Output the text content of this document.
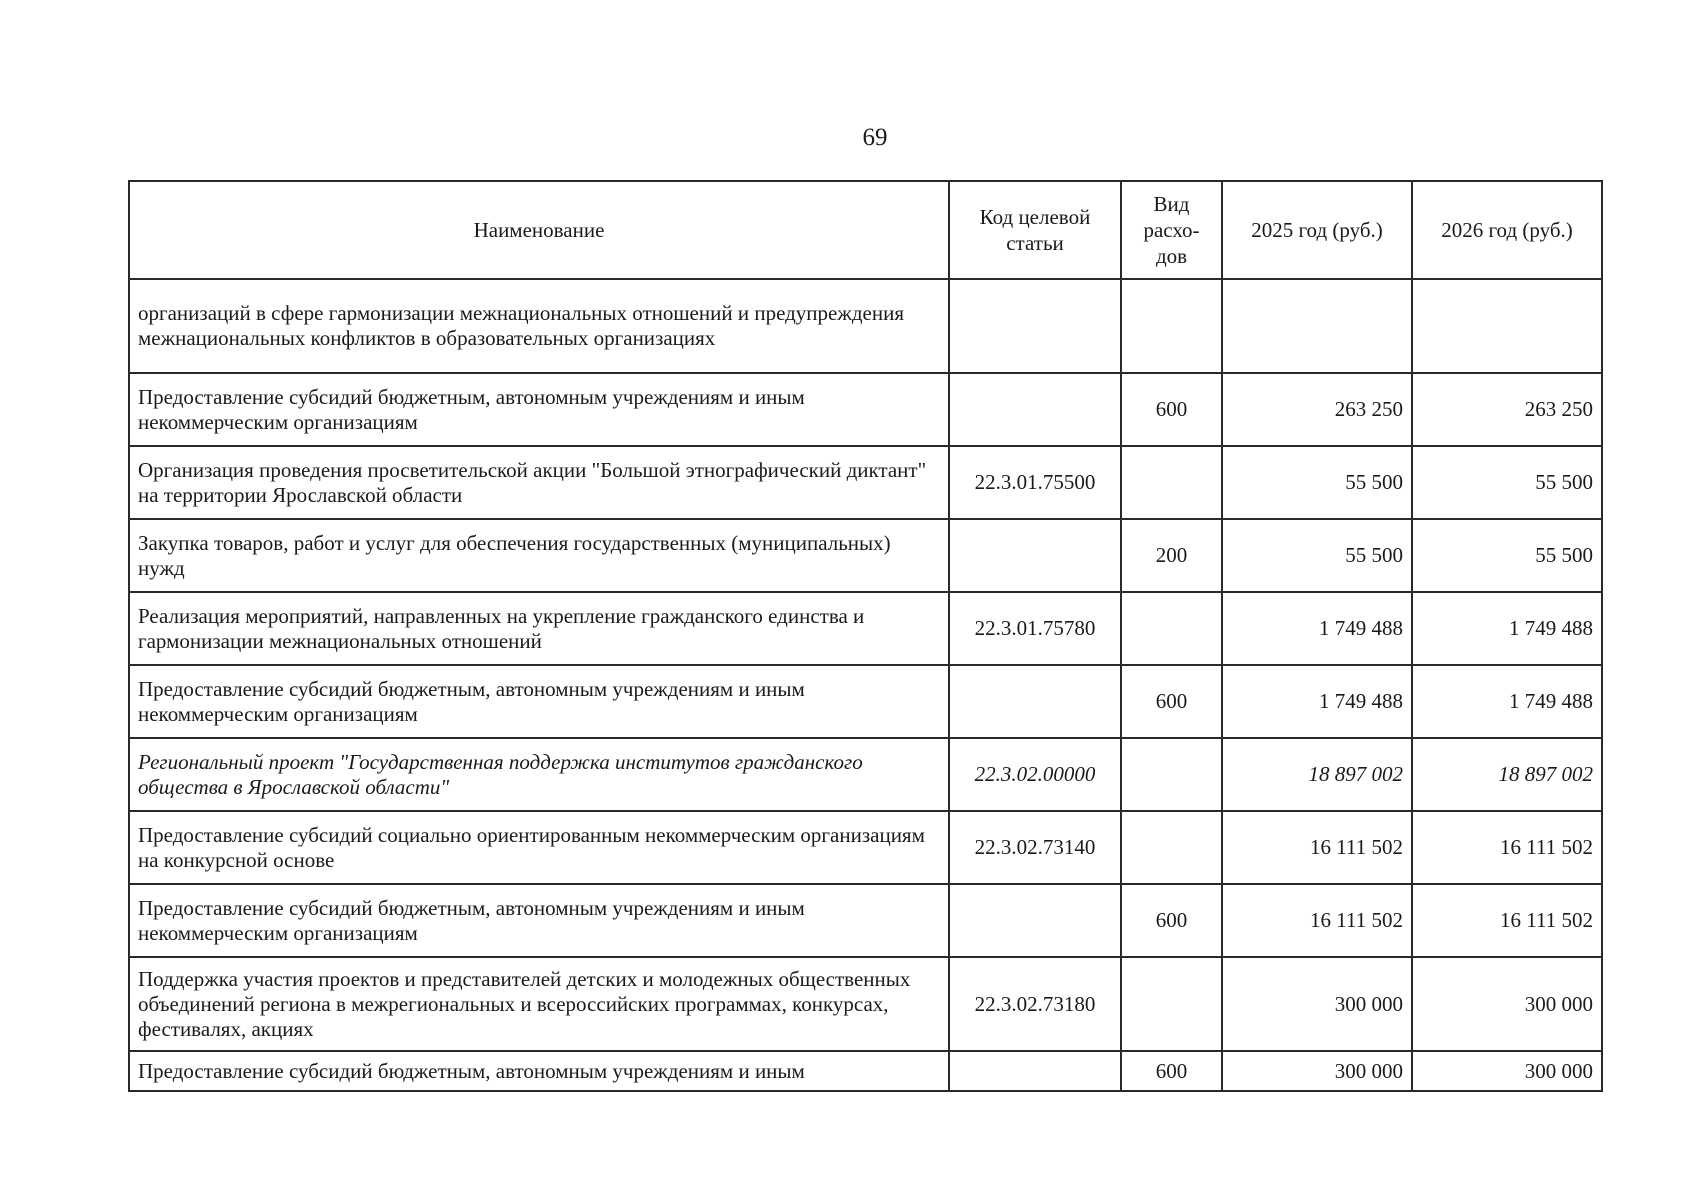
69
Наименование	Код целевой статьи	Вид расхо-дов	2025 год (руб.)	2026 год (руб.)
организаций в сфере гармонизации межнациональных отношений и предупреждения межнациональных конфликтов в образовательных организациях				
Предоставление субсидий бюджетным, автономным учреждениям и иным некоммерческим организациям		600	263 250	263 250
Организация проведения просветительской акции "Большой этнографический диктант" на территории Ярославской области	22.3.01.75500		55 500	55 500
Закупка товаров, работ и услуг для обеспечения государственных (муниципальных) нужд		200	55 500	55 500
Реализация мероприятий, направленных на укрепление гражданского единства и гармонизации межнациональных отношений	22.3.01.75780		1 749 488	1 749 488
Предоставление субсидий бюджетным, автономным учреждениям и иным некоммерческим организациям		600	1 749 488	1 749 488
Региональный проект "Государственная поддержка институтов гражданского общества в Ярославской области"	22.3.02.00000		18 897 002	18 897 002
Предоставление субсидий социально ориентированным некоммерческим организациям на конкурсной основе	22.3.02.73140		16 111 502	16 111 502
Предоставление субсидий бюджетным, автономным учреждениям и иным некоммерческим организациям		600	16 111 502	16 111 502
Поддержка участия проектов и представителей детских и молодежных общественных объединений региона в межрегиональных и всероссийских программах, конкурсах, фестивалях, акциях	22.3.02.73180		300 000	300 000
Предоставление субсидий бюджетным, автономным учреждениям и иным		600	300 000	300 000
